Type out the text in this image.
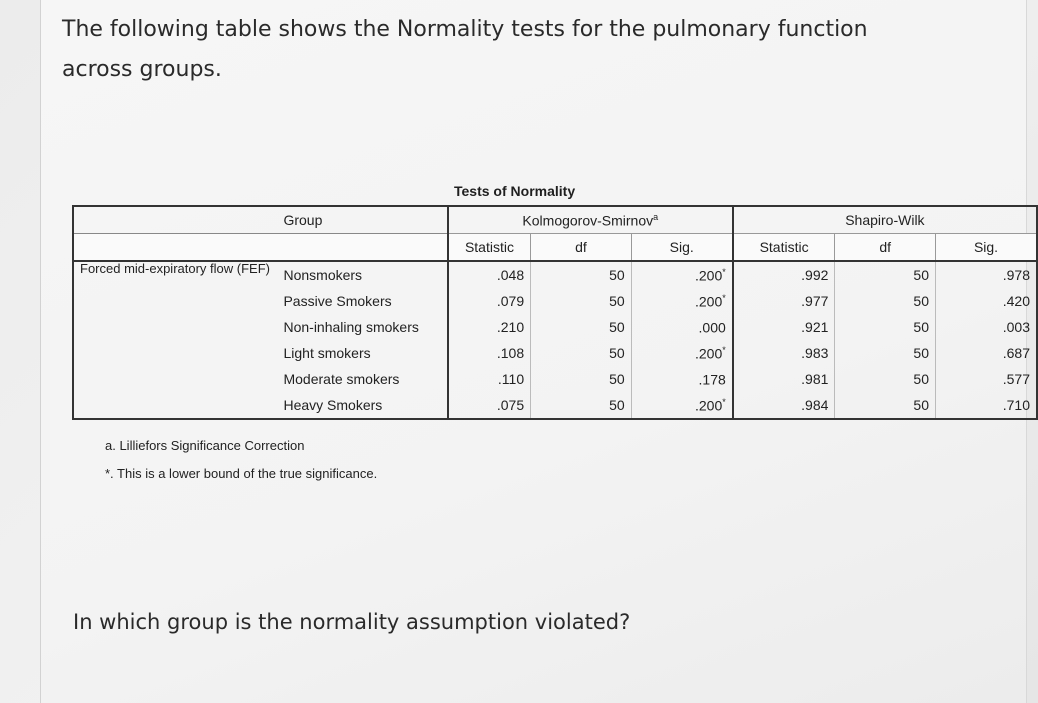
The following table shows the Normality tests for the pulmonary function across groups.

Tests of Normality
	Group	Kolmogorov-Smirnov$^a$			Shapiro-Wilk		
		Statistic	df	Sig.	Statistic	df	Sig.
Forced mid-expiratory flow (FEF)	Nonsmokers	.048	50	.200*	.992	50	.978
	Passive Smokers	.079	50	.200*	.977	50	.420
	Non-inhaling smokers	.210	50	.000	.921	50	.003
	Light smokers	.108	50	.200*	.983	50	.687
	Moderate smokers	.110	50	.178	.981	50	.577
	Heavy Smokers	.075	50	.200*	.984	50	.710
a. Lilliefors Significance Correction
*. This is a lower bound of the true significance.
In which group is the normality assumption violated?
